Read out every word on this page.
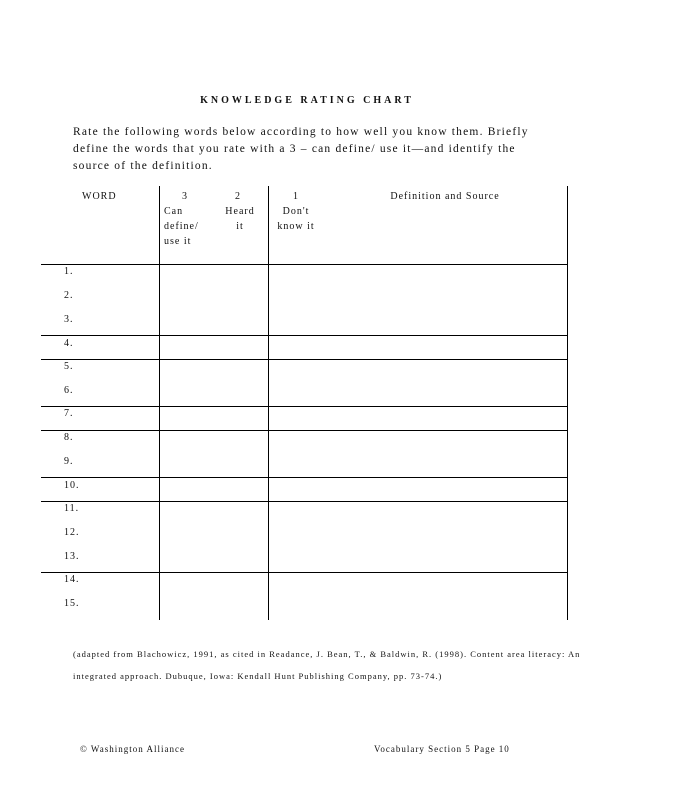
KNOWLEDGE RATING CHART

Rate the following words below according to how well you know them. Briefly define the words that you rate with a 3 – can define/ use it—and identify the source of the definition.

WORD	3
Can define/ use it
2
Heard it
1
Don't know it
Definition and Source
1.
2.
3.
4.
5.
6.
7.
8.
9.
10.
11.
12.
13.
14.
15.

(adapted from Blachowicz, 1991, as cited in Readance, J. Bean, T., & Baldwin, R. (1998). Content area literacy: An integrated approach. Dubuque, Iowa: Kendall Hunt Publishing Company, pp. 73-74.)

© Washington Alliance	Vocabulary Section 5 Page 10
